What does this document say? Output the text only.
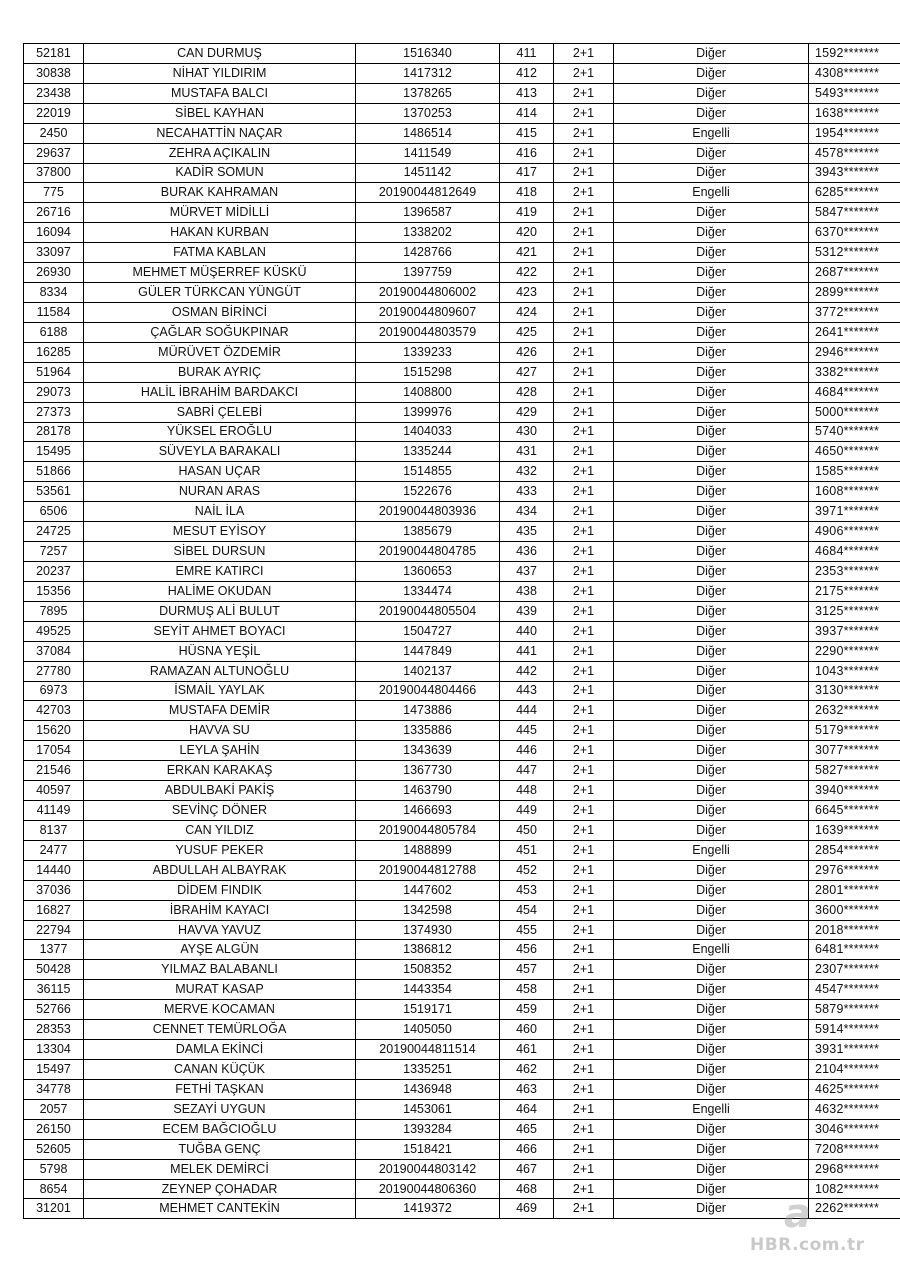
52181	CAN DURMUŞ	1516340	411	2+1	Diğer	1592*******
30838	NİHAT YILDIRIM	1417312	412	2+1	Diğer	4308*******
23438	MUSTAFA BALCI	1378265	413	2+1	Diğer	5493*******
22019	SİBEL KAYHAN	1370253	414	2+1	Diğer	1638*******
2450	NECAHATTİN NAÇAR	1486514	415	2+1	Engelli	1954*******
29637	ZEHRA AÇIKALIN	1411549	416	2+1	Diğer	4578*******
37800	KADİR SOMUN	1451142	417	2+1	Diğer	3943*******
775	BURAK KAHRAMAN	20190044812649	418	2+1	Engelli	6285*******
26716	MÜRVET MİDİLLİ	1396587	419	2+1	Diğer	5847*******
16094	HAKAN KURBAN	1338202	420	2+1	Diğer	6370*******
33097	FATMA KABLAN	1428766	421	2+1	Diğer	5312*******
26930	MEHMET MÜŞERREF KÜSKÜ	1397759	422	2+1	Diğer	2687*******
8334	GÜLER TÜRKCAN YÜNGÜT	20190044806002	423	2+1	Diğer	2899*******
11584	OSMAN BİRİNCİ	20190044809607	424	2+1	Diğer	3772*******
6188	ÇAĞLAR SOĞUKPINAR	20190044803579	425	2+1	Diğer	2641*******
16285	MÜRÜVET ÖZDEMİR	1339233	426	2+1	Diğer	2946*******
51964	BURAK AYRIÇ	1515298	427	2+1	Diğer	3382*******
29073	HALİL İBRAHİM BARDAKCI	1408800	428	2+1	Diğer	4684*******
27373	SABRİ ÇELEBİ	1399976	429	2+1	Diğer	5000*******
28178	YÜKSEL EROĞLU	1404033	430	2+1	Diğer	5740*******
15495	SÜVEYLA BARAKALI	1335244	431	2+1	Diğer	4650*******
51866	HASAN UÇAR	1514855	432	2+1	Diğer	1585*******
53561	NURAN ARAS	1522676	433	2+1	Diğer	1608*******
6506	NAİL İLA	20190044803936	434	2+1	Diğer	3971*******
24725	MESUT EYİSOY	1385679	435	2+1	Diğer	4906*******
7257	SİBEL DURSUN	20190044804785	436	2+1	Diğer	4684*******
20237	EMRE KATIRCI	1360653	437	2+1	Diğer	2353*******
15356	HALİME OKUDAN	1334474	438	2+1	Diğer	2175*******
7895	DURMUŞ ALİ BULUT	20190044805504	439	2+1	Diğer	3125*******
49525	SEYİT AHMET BOYACI	1504727	440	2+1	Diğer	3937*******
37084	HÜSNA YEŞİL	1447849	441	2+1	Diğer	2290*******
27780	RAMAZAN ALTUNOĞLU	1402137	442	2+1	Diğer	1043*******
6973	İSMAİL YAYLAK	20190044804466	443	2+1	Diğer	3130*******
42703	MUSTAFA DEMİR	1473886	444	2+1	Diğer	2632*******
15620	HAVVA SU	1335886	445	2+1	Diğer	5179*******
17054	LEYLA ŞAHİN	1343639	446	2+1	Diğer	3077*******
21546	ERKAN KARAKAŞ	1367730	447	2+1	Diğer	5827*******
40597	ABDULBAKİ PAKİŞ	1463790	448	2+1	Diğer	3940*******
41149	SEVİNÇ DÖNER	1466693	449	2+1	Diğer	6645*******
8137	CAN YILDIZ	20190044805784	450	2+1	Diğer	1639*******
2477	YUSUF PEKER	1488899	451	2+1	Engelli	2854*******
14440	ABDULLAH ALBAYRAK	20190044812788	452	2+1	Diğer	2976*******
37036	DİDEM FINDIK	1447602	453	2+1	Diğer	2801*******
16827	İBRAHİM KAYACI	1342598	454	2+1	Diğer	3600*******
22794	HAVVA YAVUZ	1374930	455	2+1	Diğer	2018*******
1377	AYŞE ALGÜN	1386812	456	2+1	Engelli	6481*******
50428	YILMAZ BALABANLI	1508352	457	2+1	Diğer	2307*******
36115	MURAT KASAP	1443354	458	2+1	Diğer	4547*******
52766	MERVE KOCAMAN	1519171	459	2+1	Diğer	5879*******
28353	CENNET TEMÜRLOĞA	1405050	460	2+1	Diğer	5914*******
13304	DAMLA EKİNCİ	20190044811514	461	2+1	Diğer	3931*******
15497	CANAN KÜÇÜK	1335251	462	2+1	Diğer	2104*******
34778	FETHİ TAŞKAN	1436948	463	2+1	Diğer	4625*******
2057	SEZAYİ UYGUN	1453061	464	2+1	Engelli	4632*******
26150	ECEM BAĞCIOĞLU	1393284	465	2+1	Diğer	3046*******
52605	TUĞBA GENÇ	1518421	466	2+1	Diğer	7208*******
5798	MELEK DEMİRCİ	20190044803142	467	2+1	Diğer	2968*******
8654	ZEYNEP ÇOHADAR	20190044806360	468	2+1	Diğer	1082*******
31201	MEHMET CANTEKİN	1419372	469	2+1	Diğer	2262*******
a
HBR.com.tr
